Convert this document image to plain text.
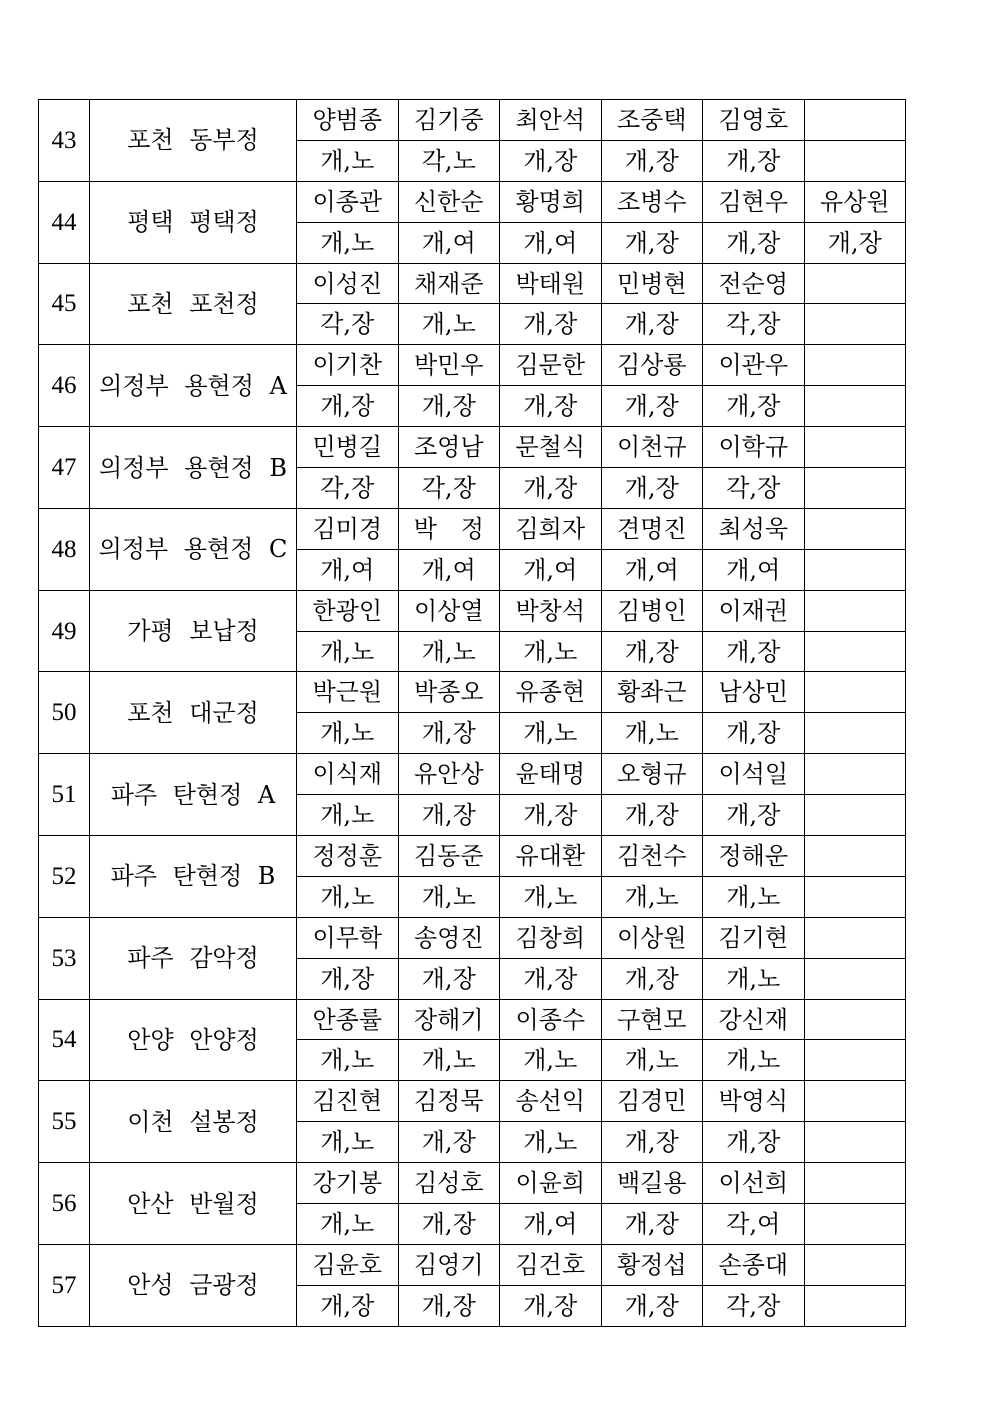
43	포천 동부정	양범종	김기중	최안석	조중택	김영호	
		개,노	각,노	개,장	개,장	개,장	
44	평택 평택정	이종관	신한순	황명희	조병수	김현우	유상원
		개,노	개,여	개,여	개,장	개,장	개,장
45	포천 포천정	이성진	채재준	박태원	민병현	전순영	
		각,장	개,노	개,장	개,장	각,장	
46	의정부 용현정 A	이기찬	박민우	김문한	김상룡	이관우	
		개,장	개,장	개,장	개,장	개,장	
47	의정부 용현정 B	민병길	조영남	문철식	이천규	이학규	
		각,장	각,장	개,장	개,장	각,장	
48	의정부 용현정 C	김미경	박　정	김희자	견명진	최성욱	
		개,여	개,여	개,여	개,여	개,여	
49	가평 보납정	한광인	이상열	박창석	김병인	이재권	
		개,노	개,노	개,노	개,장	개,장	
50	포천 대군정	박근원	박종오	유종현	황좌근	남상민	
		개,노	개,장	개,노	개,노	개,장	
51	파주 탄현정 A	이식재	유안상	윤태명	오형규	이석일	
		개,노	개,장	개,장	개,장	개,장	
52	파주 탄현정 B	정정훈	김동준	유대환	김천수	정해운	
		개,노	개,노	개,노	개,노	개,노	
53	파주 감악정	이무학	송영진	김창희	이상원	김기현	
		개,장	개,장	개,장	개,장	개,노	
54	안양 안양정	안종률	장해기	이종수	구현모	강신재	
		개,노	개,노	개,노	개,노	개,노	
55	이천 설봉정	김진현	김정묵	송선익	김경민	박영식	
		개,노	개,장	개,노	개,장	개,장	
56	안산 반월정	강기봉	김성호	이윤희	백길용	이선희	
		개,노	개,장	개,여	개,장	각,여	
57	안성 금광정	김윤호	김영기	김건호	황정섭	손종대	
		개,장	개,장	개,장	개,장	각,장	
